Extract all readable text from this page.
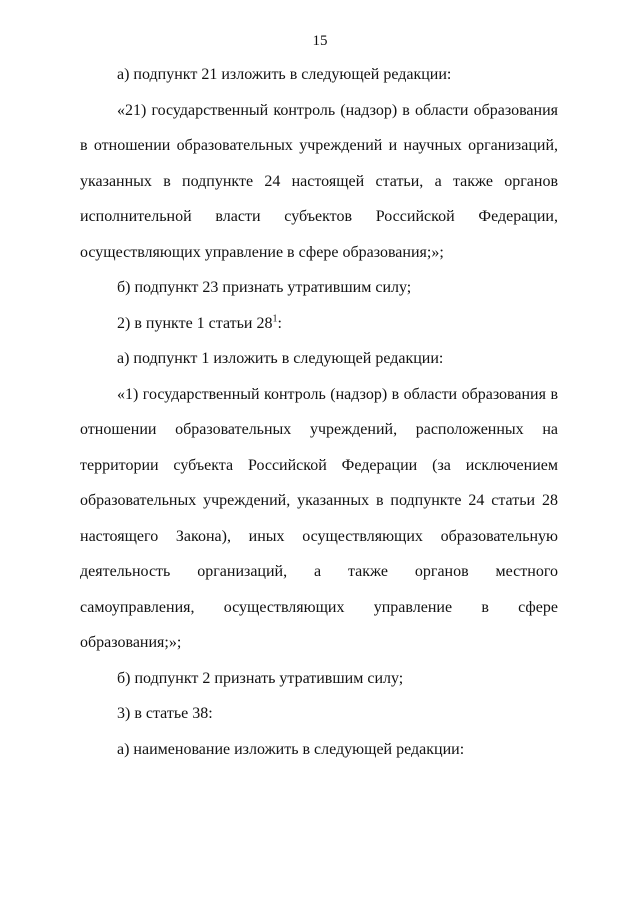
15

а) подпункт 21 изложить в следующей редакции:

«21) государственный контроль (надзор) в области образования в отношении образовательных учреждений и научных организаций, указанных в подпункте 24 настоящей статьи, а также органов исполнительной власти субъектов Российской Федерации, осуществляющих управление в сфере образования;»;

б) подпункт 23 признать утратившим силу;

2) в пункте 1 статьи $28^1$:

а) подпункт 1 изложить в следующей редакции:

«1) государственный контроль (надзор) в области образования в отношении образовательных учреждений, расположенных на территории субъекта Российской Федерации (за исключением образовательных учреждений, указанных в подпункте 24 статьи 28 настоящего Закона), иных осуществляющих образовательную деятельность организаций, а также органов местного самоуправления, осуществляющих управление в сфере образования;»;

б) подпункт 2 признать утратившим силу;

3) в статье 38:

а) наименование изложить в следующей редакции:
